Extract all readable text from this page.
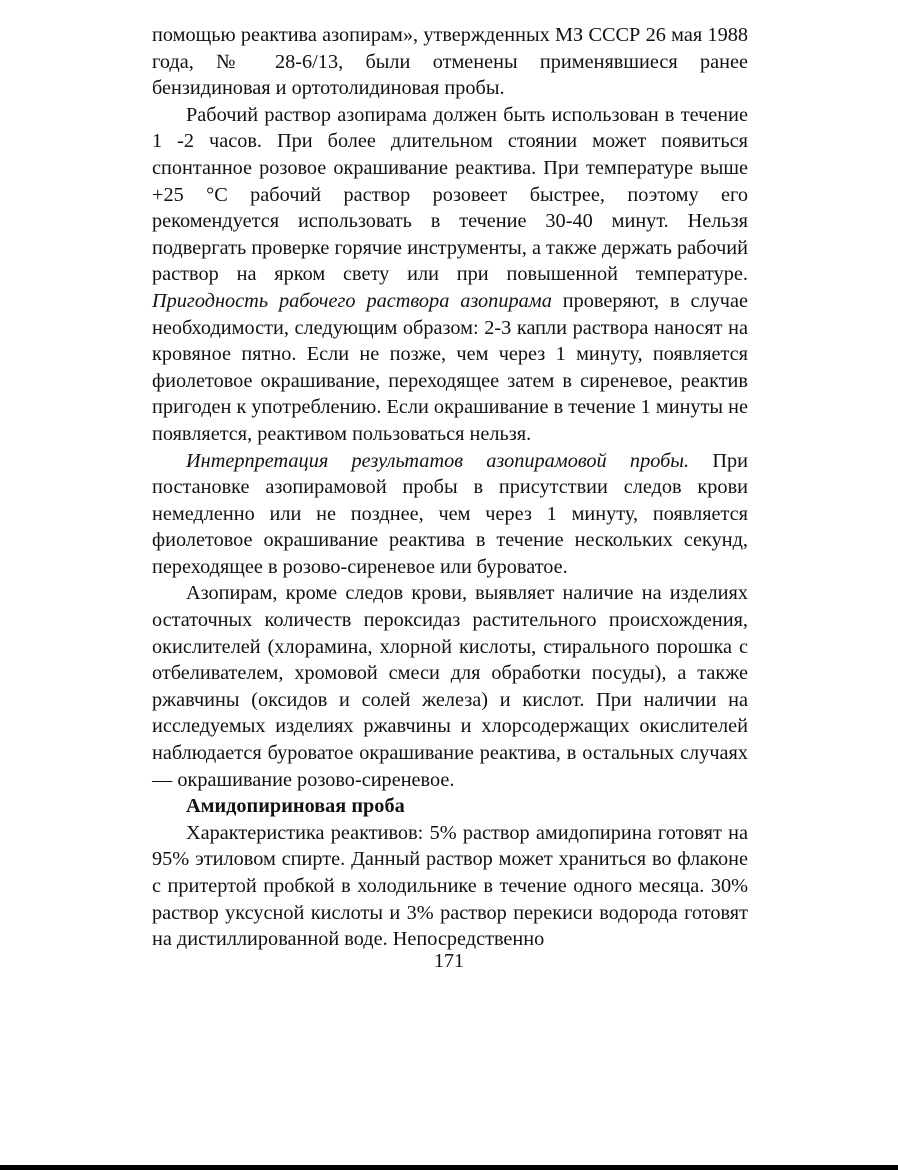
помощью реактива азопирам», утвержденных МЗ СССР 26 мая 1988 года, № 28-6/13, были отменены применявшиеся ранее бензидиновая и ортотолидиновая пробы.

Рабочий раствор азопирама должен быть использован в течение 1 -2 часов. При более длительном стоянии может появиться спонтанное розовое окрашивание реактива. При температуре выше +25 °С рабочий раствор розовеет быстрее, поэтому его рекомендуется использовать в течение 30-40 минут. Нельзя подвергать проверке горячие инструменты, а также держать рабочий раствор на ярком свету или при повышенной температуре. Пригодность рабочего раствора азопирама проверяют, в случае необходимости, следующим образом: 2-3 капли раствора наносят на кровяное пятно. Если не позже, чем через 1 минуту, появляется фиолетовое окрашивание, переходящее затем в сиреневое, реактив пригоден к употреблению. Если окрашивание в течение 1 минуты не появляется, реактивом пользоваться нельзя.

Интерпретация результатов азопирамовой пробы. При постановке азопирамовой пробы в присутствии следов крови немедленно или не позднее, чем через 1 минуту, появляется фиолетовое окрашивание реактива в течение нескольких секунд, переходящее в розово-сиреневое или буроватое.

Азопирам, кроме следов крови, выявляет наличие на изделиях остаточных количеств пероксидаз растительного происхождения, окислителей (хлорамина, хлорной кислоты, стирального порошка с отбеливателем, хромовой смеси для обработки посуды), а также ржавчины (оксидов и солей железа) и кислот. При наличии на исследуемых изделиях ржавчины и хлорсодержащих окислителей наблюдается буроватое окрашивание реактива, в остальных случаях — окрашивание розово-сиреневое.

Амидопириновая проба

Характеристика реактивов: 5% раствор амидопирина готовят на 95% этиловом спирте. Данный раствор может храниться во флаконе с притертой пробкой в холодильнике в течение одного месяца. 30% раствор уксусной кислоты и 3% раствор перекиси водорода готовят на дистиллированной воде. Непосредственно

171
